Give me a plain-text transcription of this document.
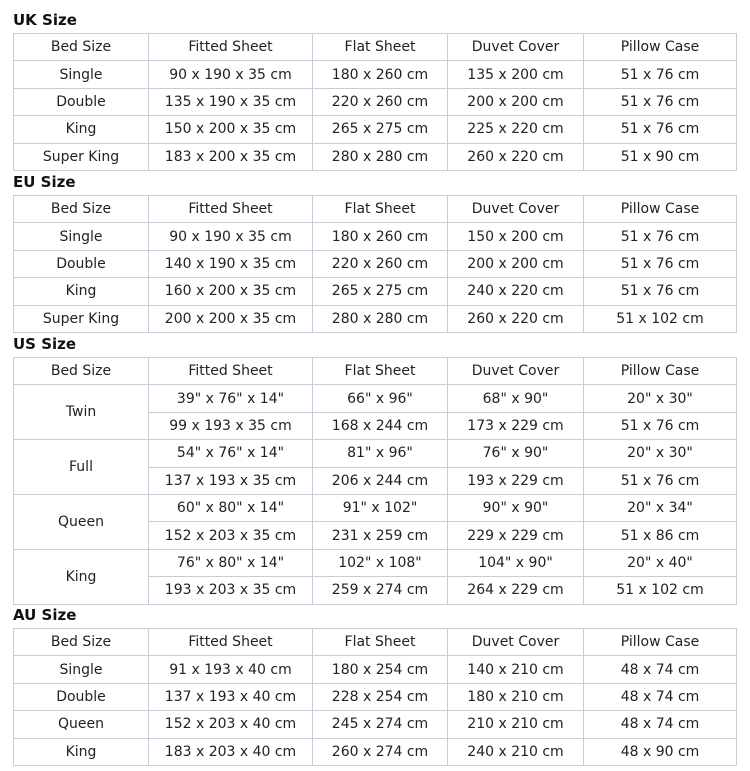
UK Size
Bed Size	Fitted Sheet	Flat Sheet	Duvet Cover	Pillow Case
Single	90 x 190 x 35 cm	180 x 260 cm	135 x 200 cm	51 x 76 cm
Double	135 x 190 x 35 cm	220 x 260 cm	200 x 200 cm	51 x 76 cm
King	150 x 200 x 35 cm	265 x 275 cm	225 x 220 cm	51 x 76 cm
Super King	183 x 200 x 35 cm	280 x 280 cm	260 x 220 cm	51 x 90 cm
EU Size
Bed Size	Fitted Sheet	Flat Sheet	Duvet Cover	Pillow Case
Single	90 x 190 x 35 cm	180 x 260 cm	150 x 200 cm	51 x 76 cm
Double	140 x 190 x 35 cm	220 x 260 cm	200 x 200 cm	51 x 76 cm
King	160 x 200 x 35 cm	265 x 275 cm	240 x 220 cm	51 x 76 cm
Super King	200 x 200 x 35 cm	280 x 280 cm	260 x 220 cm	51 x 102 cm
US Size
Bed Size	Fitted Sheet	Flat Sheet	Duvet Cover	Pillow Case
Twin	39" x 76" x 14"	66" x 96"	68" x 90"	20" x 30"
	99 x 193 x 35 cm	168 x 244 cm	173 x 229 cm	51 x 76 cm
Full	54" x 76" x 14"	81" x 96"	76" x 90"	20" x 30"
	137 x 193 x 35 cm	206 x 244 cm	193 x 229 cm	51 x 76 cm
Queen	60" x 80" x 14"	91" x 102"	90" x 90"	20" x 34"
	152 x 203 x 35 cm	231 x 259 cm	229 x 229 cm	51 x 86 cm
King	76" x 80" x 14"	102" x 108"	104" x 90"	20" x 40"
	193 x 203 x 35 cm	259 x 274 cm	264 x 229 cm	51 x 102 cm
AU Size
Bed Size	Fitted Sheet	Flat Sheet	Duvet Cover	Pillow Case
Single	91 x 193 x 40 cm	180 x 254 cm	140 x 210 cm	48 x 74 cm
Double	137 x 193 x 40 cm	228 x 254 cm	180 x 210 cm	48 x 74 cm
Queen	152 x 203 x 40 cm	245 x 274 cm	210 x 210 cm	48 x 74 cm
King	183 x 203 x 40 cm	260 x 274 cm	240 x 210 cm	48 x 90 cm
